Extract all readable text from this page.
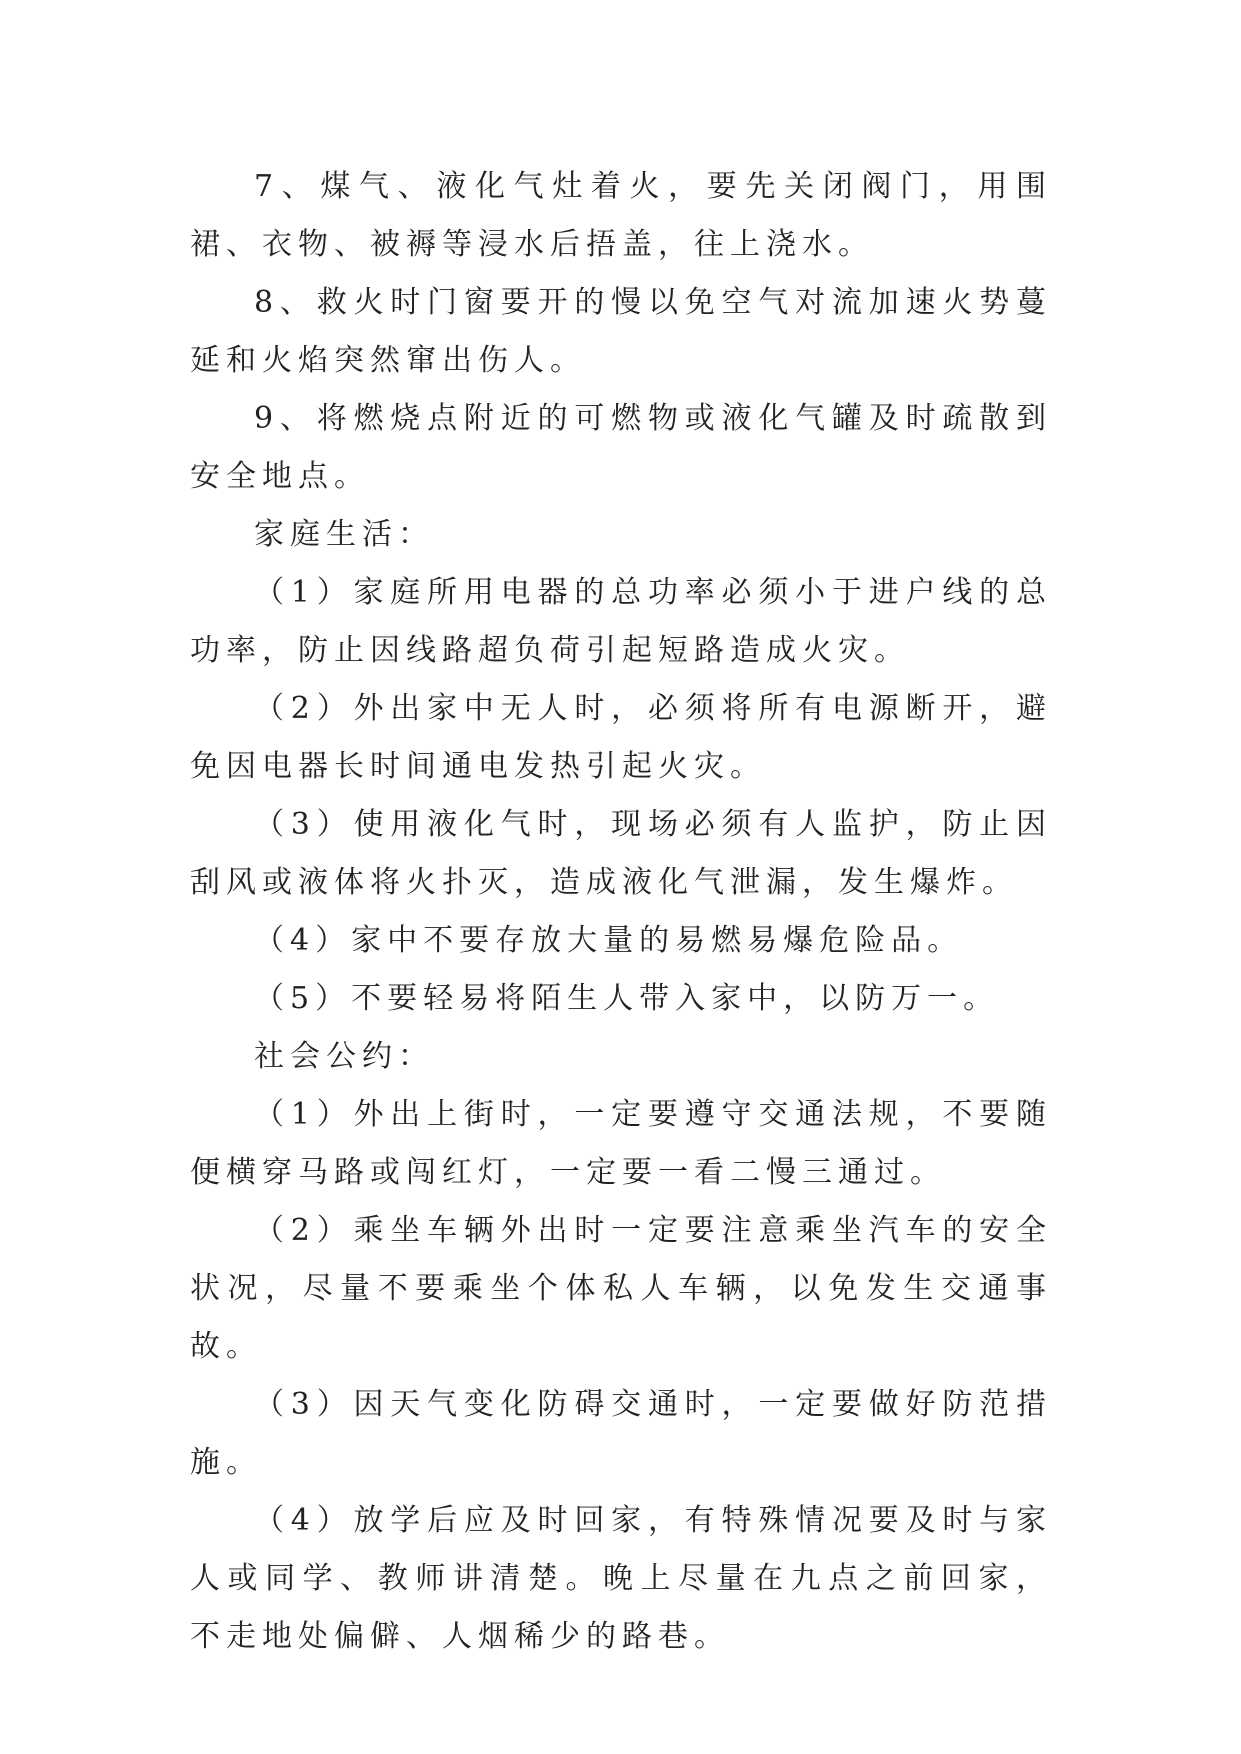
7、煤气、液化气灶着火，要先关闭阀门，用围裙、衣物、被褥等浸水后捂盖，往上浇水。

8、救火时门窗要开的慢以免空气对流加速火势蔓延和火焰突然窜出伤人。

9、将燃烧点附近的可燃物或液化气罐及时疏散到安全地点。

家庭生活：

（1）家庭所用电器的总功率必须小于进户线的总功率，防止因线路超负荷引起短路造成火灾。

（2）外出家中无人时，必须将所有电源断开，避免因电器长时间通电发热引起火灾。

（3）使用液化气时，现场必须有人监护，防止因刮风或液体将火扑灭，造成液化气泄漏，发生爆炸。

（4）家中不要存放大量的易燃易爆危险品。

（5）不要轻易将陌生人带入家中，以防万一。

社会公约：

（1）外出上街时，一定要遵守交通法规，不要随便横穿马路或闯红灯，一定要一看二慢三通过。

（2）乘坐车辆外出时一定要注意乘坐汽车的安全状况，尽量不要乘坐个体私人车辆，以免发生交通事故。

（3）因天气变化防碍交通时，一定要做好防范措施。

（4）放学后应及时回家，有特殊情况要及时与家人或同学、教师讲清楚。晚上尽量在九点之前回家，不走地处偏僻、人烟稀少的路巷。
